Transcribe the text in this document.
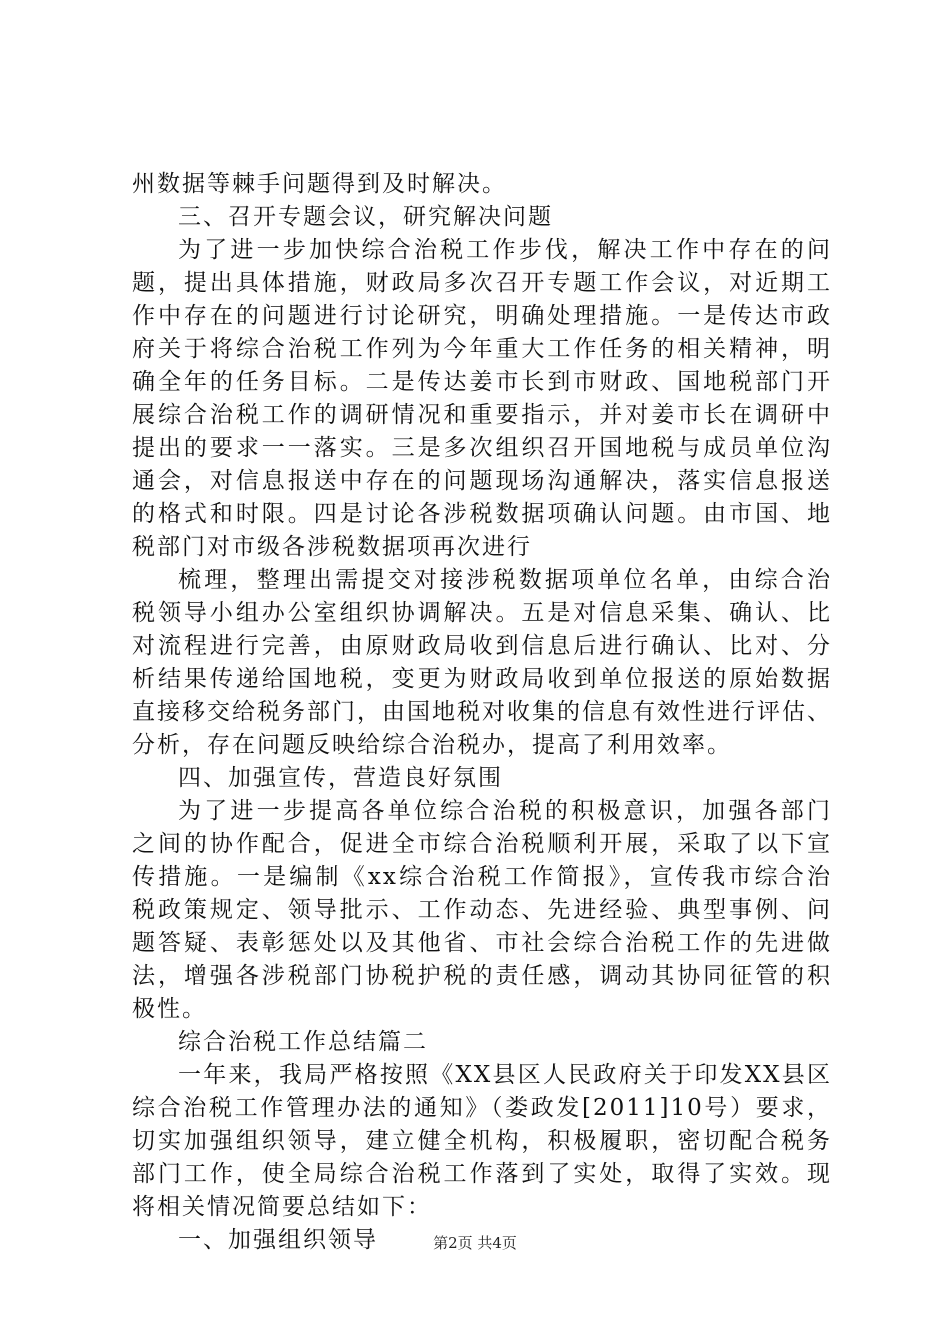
州数据等棘手问题得到及时解决。
三、召开专题会议，研究解决问题
为了进一步加快综合治税工作步伐，解决工作中存在的问
题，提出具体措施，财政局多次召开专题工作会议，对近期工
作中存在的问题进行讨论研究，明确处理措施。一是传达市政
府关于将综合治税工作列为今年重大工作任务的相关精神，明
确全年的任务目标。二是传达姜市长到市财政、国地税部门开
展综合治税工作的调研情况和重要指示，并对姜市长在调研中
提出的要求一一落实。三是多次组织召开国地税与成员单位沟
通会，对信息报送中存在的问题现场沟通解决，落实信息报送
的格式和时限。四是讨论各涉税数据项确认问题。由市国、地
税部门对市级各涉税数据项再次进行
梳理，整理出需提交对接涉税数据项单位名单，由综合治
税领导小组办公室组织协调解决。五是对信息采集、确认、比
对流程进行完善，由原财政局收到信息后进行确认、比对、分
析结果传递给国地税，变更为财政局收到单位报送的原始数据
直接移交给税务部门，由国地税对收集的信息有效性进行评估、
分析，存在问题反映给综合治税办，提高了利用效率。
四、加强宣传，营造良好氛围
为了进一步提高各单位综合治税的积极意识，加强各部门
之间的协作配合，促进全市综合治税顺利开展，采取了以下宣
传措施。一是编制《xx综合治税工作简报》，宣传我市综合治
税政策规定、领导批示、工作动态、先进经验、典型事例、问
题答疑、表彰惩处以及其他省、市社会综合治税工作的先进做
法，增强各涉税部门协税护税的责任感，调动其协同征管的积
极性。
综合治税工作总结篇二
一年来，我局严格按照《XX县区人民政府关于印发XX县区
综合治税工作管理办法的通知》（娄政发[2011]10号）要求，
切实加强组织领导，建立健全机构，积极履职，密切配合税务
部门工作，使全局综合治税工作落到了实处，取得了实效。现
将相关情况简要总结如下：
一、加强组织领导	第2页 共4页
